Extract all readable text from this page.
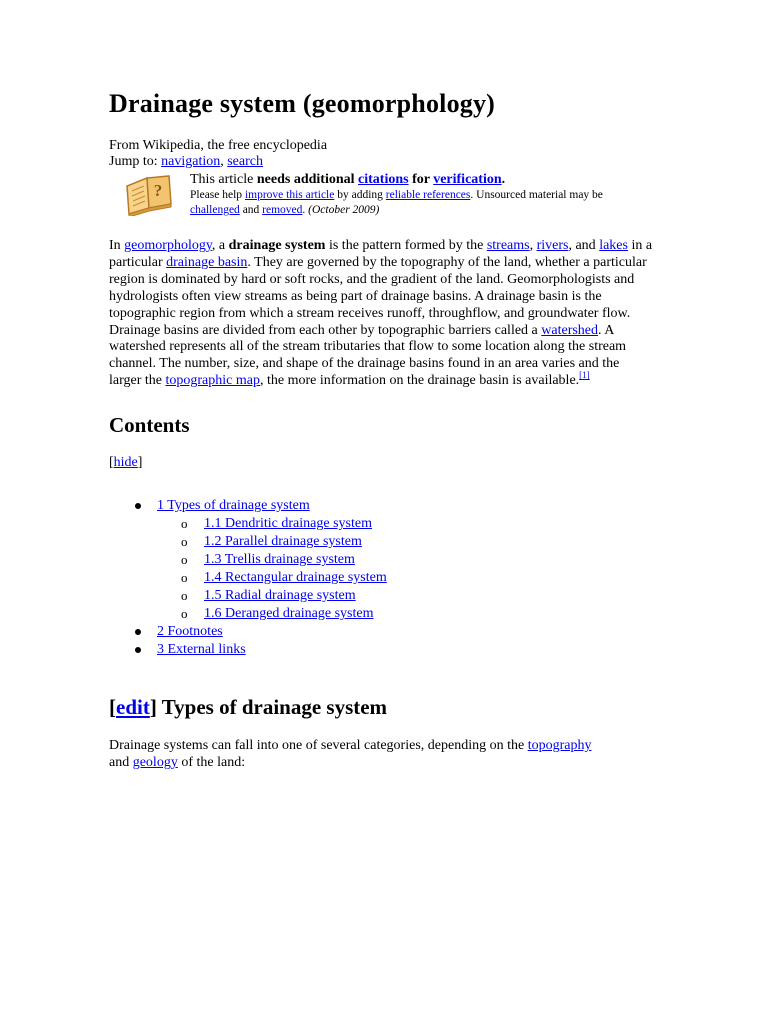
Drainage system (geomorphology)
From Wikipedia, the free encyclopedia
Jump to: navigation, search
?
This article needs additional citations for verification.
Please help improve this article by adding reliable references. Unsourced material may be
challenged and removed. (October 2009)

In geomorphology, a drainage system is the pattern formed by the streams, rivers, and lakes in a particular drainage basin. They are governed by the topography of the land, whether a particular region is dominated by hard or soft rocks, and the gradient of the land. Geomorphologists and hydrologists often view streams as being part of drainage basins. A drainage basin is the topographic region from which a stream receives runoff, throughflow, and groundwater flow. Drainage basins are divided from each other by topographic barriers called a watershed. A watershed represents all of the stream tributaries that flow to some location along the stream channel. The number, size, and shape of the drainage basins found in an area varies and the larger the topographic map, the more information on the drainage basin is available.[1]

Contents
[hide]
1 Types of drainage system
o 1.1 Dendritic drainage system
o 1.2 Parallel drainage system
o 1.3 Trellis drainage system
o 1.4 Rectangular drainage system
o 1.5 Radial drainage system
o 1.6 Deranged drainage system
2 Footnotes
3 External links
[edit] Types of drainage system

Drainage systems can fall into one of several categories, depending on the topography
and geology of the land:
